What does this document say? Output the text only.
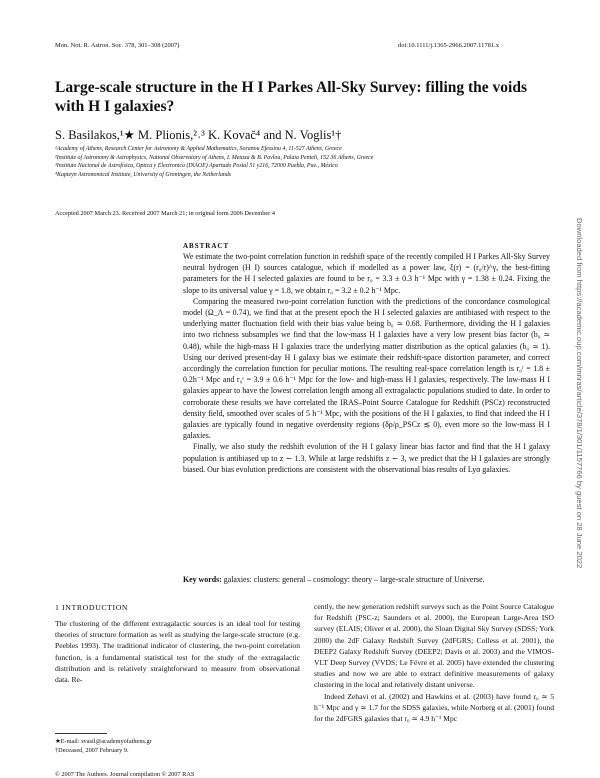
Mon. Not. R. Astron. Soc. 378, 301–308 (2007)	doi:10.1111/j.1365-2966.2007.11781.x
Large-scale structure in the H I Parkes All-Sky Survey: filling the voids with H I galaxies?
S. Basilakos,¹★ M. Plionis,²˒³ K. Kovač⁴ and N. Voglis¹†
¹Academy of Athens, Research Center for Astronomy & Applied Mathematics, Soranou Efessiou 4, 11-527 Athens, Greece
²Institute of Astronomy & Astrophysics, National Observatory of Athens, I. Metaxa & B. Pavlou, Palaia Penteli, 152 36 Athens, Greece
³Instituto Nacional de Astrofísica, Optica y Electronica (INAOE) Apartado Postal 51 y216, 72000 Puebla, Pue., México
⁴Kapteyn Astronomical Institute, University of Groningen, the Netherlands
Accepted 2007 March 23. Received 2007 March 21; in original form 2006 December 4
ABSTRACT

We estimate the two-point correlation function in redshift space of the recently compiled H I Parkes All-Sky Survey neutral hydrogen (H I) sources catalogue, which if modelled as a power law, ξ(r) = (r₀/r)^γ, the best-fitting parameters for the H I selected galaxies are found to be r₀ = 3.3 ± 0.3 h⁻¹ Mpc with γ = 1.38 ± 0.24. Fixing the slope to its universal value γ = 1.8, we obtain r₀ = 3.2 ± 0.2 h⁻¹ Mpc.

Comparing the measured two-point correlation function with the predictions of the concordance cosmological model (Ω_Λ = 0.74), we find that at the present epoch the H I selected galaxies are antibiased with respect to the underlying matter fluctuation field with their bias value being b₀ ≃ 0.68. Furthermore, dividing the H I galaxies into two richness subsamples we find that the low-mass H I galaxies have a very low present bias factor (b₀ ≃ 0.48), while the high-mass H I galaxies trace the underlying matter distribution as the optical galaxies (b₀ ≃ 1). Using our derived present-day H I galaxy bias we estimate their redshift-space distortion parameter, and correct accordingly the correlation function for peculiar motions. The resulting real-space correlation length is r₀ʳ = 1.8 ± 0.2h⁻¹ Mpc and r₀ʳ = 3.9 ± 0.6 h⁻¹ Mpc for the low- and high-mass H I galaxies, respectively. The low-mass H I galaxies appear to have the lowest correlation length among all extragalactic populations studied to date. In order to corroborate these results we have correlated the IRAS–Point Source Catalogue for Redshift (PSCz) reconstructed density field, smoothed over scales of 5 h⁻¹ Mpc, with the positions of the H I galaxies, to find that indeed the H I galaxies are typically found in negative overdensity regions (δρ/ρ_PSCz ≲ 0), even more so the low-mass H I galaxies.

Finally, we also study the redshift evolution of the H I galaxy linear bias factor and find that the H I galaxy population is antibiased up to z ∼ 1.3. While at large redshifts z ∼ 3, we predict that the H I galaxies are strongly biased. Our bias evolution predictions are consistent with the observational bias results of Lyα galaxies.

Key words: galaxies: clusters: general – cosmology: theory – large-scale structure of Universe.
1 INTRODUCTION
The clustering of the different extragalactic sources is an ideal tool for testing theories of structure formation as well as studying the large-scale structure (e.g. Peebles 1993). The traditional indicator of clustering, the two-point correlation function, is a fundamental statistical test for the study of the extragalactic distribution and is relatively straightforward to measure from observational data. Re-

cently, the new generation redshift surveys such as the Point Source Catalogue for Redshift (PSC-z; Saunders et al. 2000), the European Large-Area ISO survey (ELAIS; Oliver et al. 2000), the Sloan Digital Sky Survey (SDSS; York 2000) the 2dF Galaxy Redshift Survey (2dFGRS; Colless et al. 2001), the DEEP2 Galaxy Redshift Survey (DEEP2; Davis et al. 2003) and the VIMOS-VLT Deep Survey (VVDS; Le Févre et al. 2005) have extended the clustering studies and now we are able to extract definitive measurements of galaxy clustering in the local and relatively distant universe.

Indeed Zehavi et al. (2002) and Hawkins et al. (2003) have found r₀ ≃ 5 h⁻¹ Mpc and γ ≃ 1.7 for the SDSS galaxies, while Norberg et al. (2001) found for the 2dFGRS galaxies that r₀ ≃ 4.9 h⁻¹ Mpc

★E-mail: svasil@academyofathens.gr
†Deceased, 2007 February 9.
© 2007 The Authors. Journal compilation © 2007 RAS
Downloaded from https://academic.oup.com/mnras/article/378/1/301/1157766 by guest on 28 June 2022
